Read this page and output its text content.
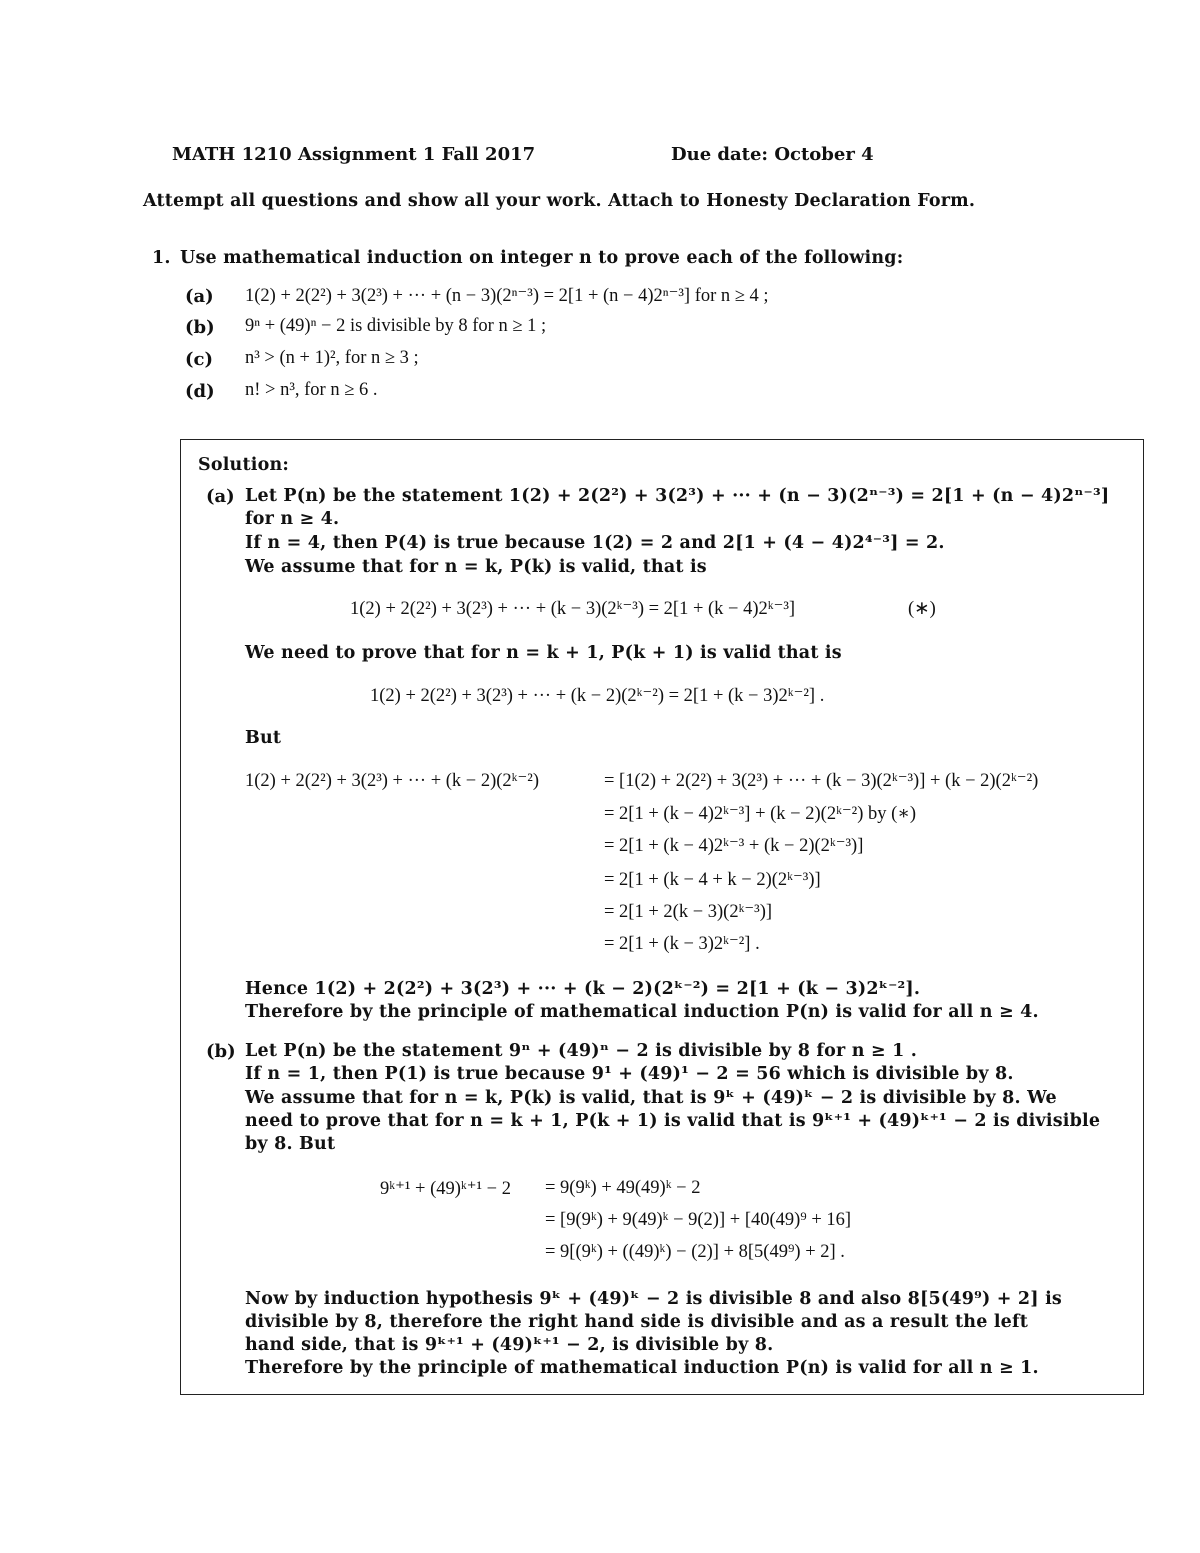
MATH 1210 Assignment 1 Fall 2017	Due date: October 4
Attempt all questions and show all your work. Attach to Honesty Declaration Form.
1. Use mathematical induction on integer n to prove each of the following:
(a) 1(2) + 2(2²) + 3(2³) + ··· + (n − 3)(2ⁿ⁻³) = 2[1 + (n − 4)2ⁿ⁻³] for n ≥ 4 ;
(b) 9ⁿ + (49)ⁿ − 2 is divisible by 8 for n ≥ 1 ;
(c) n³ > (n + 1)², for n ≥ 3 ;
(d) n! > n³, for n ≥ 6 .
Solution:
(a) Let P(n) be the statement 1(2) + 2(2²) + 3(2³) + ··· + (n − 3)(2ⁿ⁻³) = 2[1 + (n − 4)2ⁿ⁻³]
for n ≥ 4.
If n = 4, then P(4) is true because 1(2) = 2 and 2[1 + (4 − 4)2⁴⁻³] = 2.
We assume that for n = k, P(k) is valid, that is
1(2) + 2(2²) + 3(2³) + ··· + (k − 3)(2ᵏ⁻³) = 2[1 + (k − 4)2ᵏ⁻³]	(∗)
We need to prove that for n = k + 1, P(k + 1) is valid that is
1(2) + 2(2²) + 3(2³) + ··· + (k − 2)(2ᵏ⁻²) = 2[1 + (k − 3)2ᵏ⁻²] .
But
1(2) + 2(2²) + 3(2³) + ··· + (k − 2)(2ᵏ⁻²)	= [1(2) + 2(2²) + 3(2³) + ··· + (k − 3)(2ᵏ⁻³)] + (k − 2)(2ᵏ⁻²)
= 2[1 + (k − 4)2ᵏ⁻³] + (k − 2)(2ᵏ⁻²) by (∗)
= 2[1 + (k − 4)2ᵏ⁻³ + (k − 2)(2ᵏ⁻³)]
= 2[1 + (k − 4 + k − 2)(2ᵏ⁻³)]
= 2[1 + 2(k − 3)(2ᵏ⁻³)]
= 2[1 + (k − 3)2ᵏ⁻²] .
Hence 1(2) + 2(2²) + 3(2³) + ··· + (k − 2)(2ᵏ⁻²) = 2[1 + (k − 3)2ᵏ⁻²].
Therefore by the principle of mathematical induction P(n) is valid for all n ≥ 4.
(b) Let P(n) be the statement 9ⁿ + (49)ⁿ − 2 is divisible by 8 for n ≥ 1 .
If n = 1, then P(1) is true because 9¹ + (49)¹ − 2 = 56 which is divisible by 8.
We assume that for n = k, P(k) is valid, that is 9ᵏ + (49)ᵏ − 2 is divisible by 8. We
need to prove that for n = k + 1, P(k + 1) is valid that is 9ᵏ⁺¹ + (49)ᵏ⁺¹ − 2 is divisible
by 8. But
9ᵏ⁺¹ + (49)ᵏ⁺¹ − 2 = 9(9ᵏ) + 49(49)ᵏ − 2
= [9(9ᵏ) + 9(49)ᵏ − 9(2)] + [40(49)⁹ + 16]
= 9[(9ᵏ) + ((49)ᵏ) − (2)] + 8[5(49⁹) + 2] .
Now by induction hypothesis 9ᵏ + (49)ᵏ − 2 is divisible 8 and also 8[5(49⁹) + 2] is
divisible by 8, therefore the right hand side is divisible and as a result the left
hand side, that is 9ᵏ⁺¹ + (49)ᵏ⁺¹ − 2, is divisible by 8.
Therefore by the principle of mathematical induction P(n) is valid for all n ≥ 1.
